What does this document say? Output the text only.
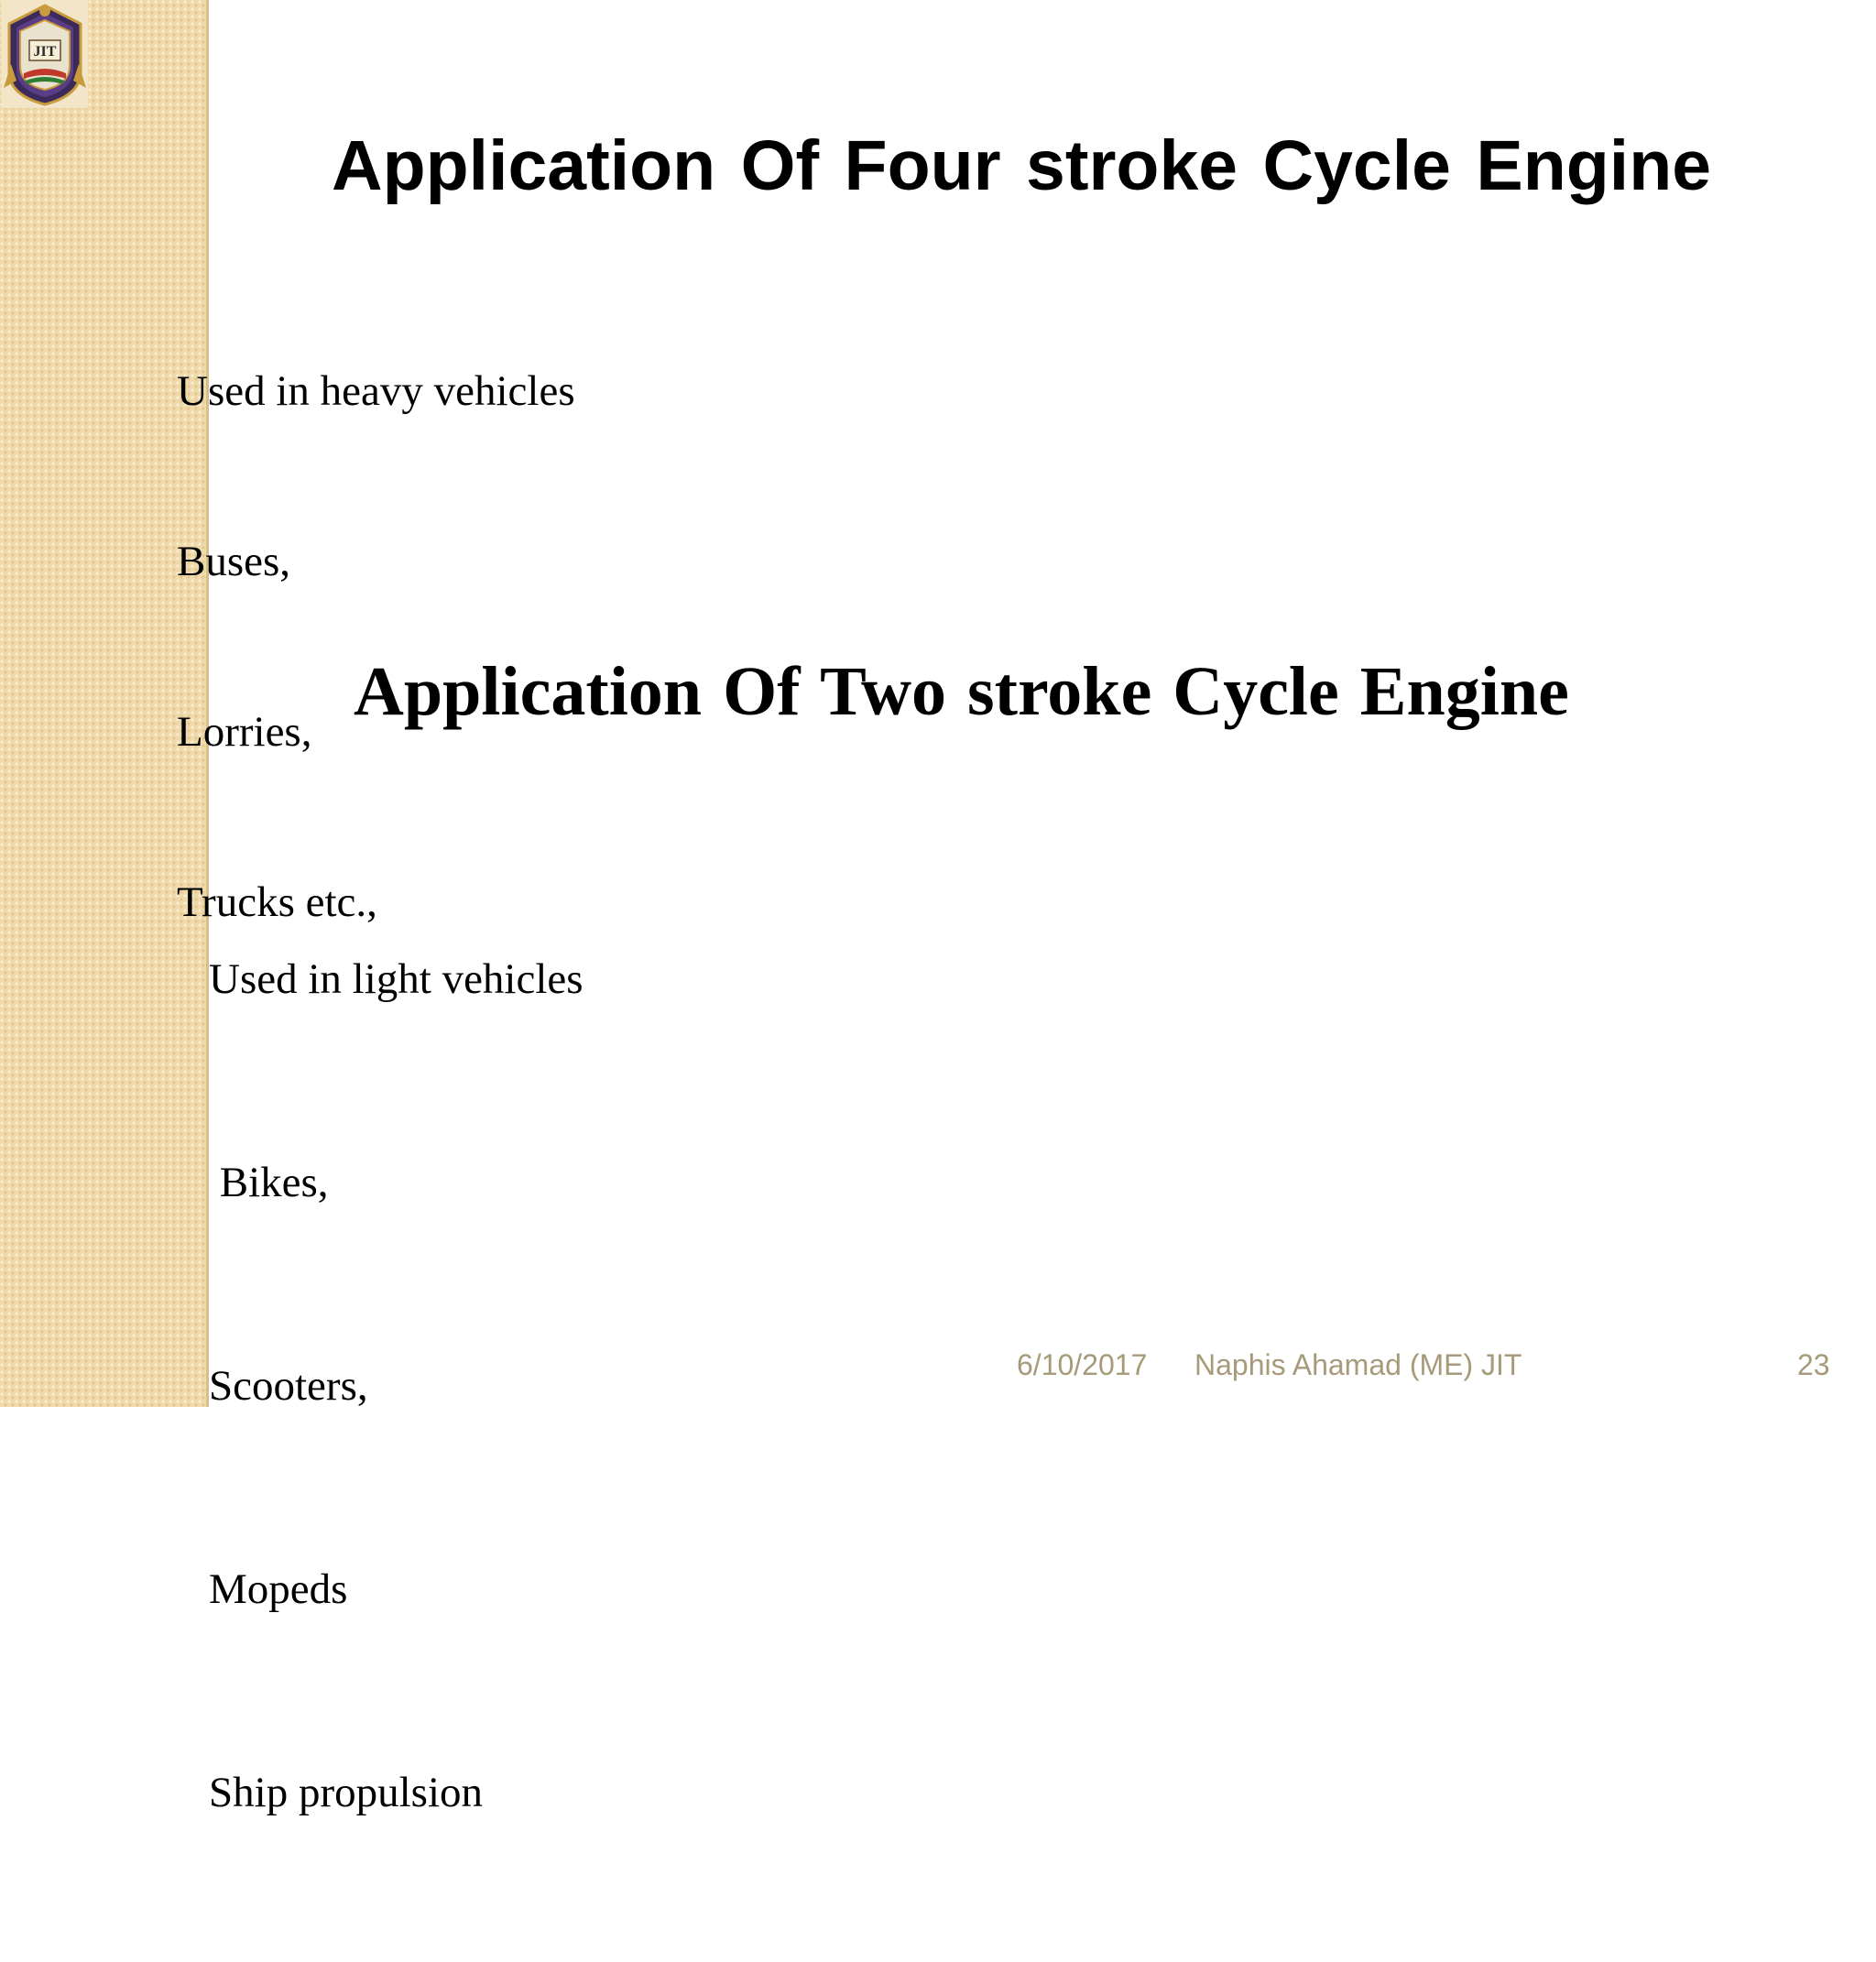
JIT
Application Of Four stroke Cycle Engine

Used in heavy vehicles

Buses,

Lorries,

Trucks etc.,

Application Of Two stroke Cycle Engine

Used in light vehicles

Bikes,

Scooters,

Mopeds

Ship propulsion

6/10/2017 Naphis Ahamad (ME) JIT	23
